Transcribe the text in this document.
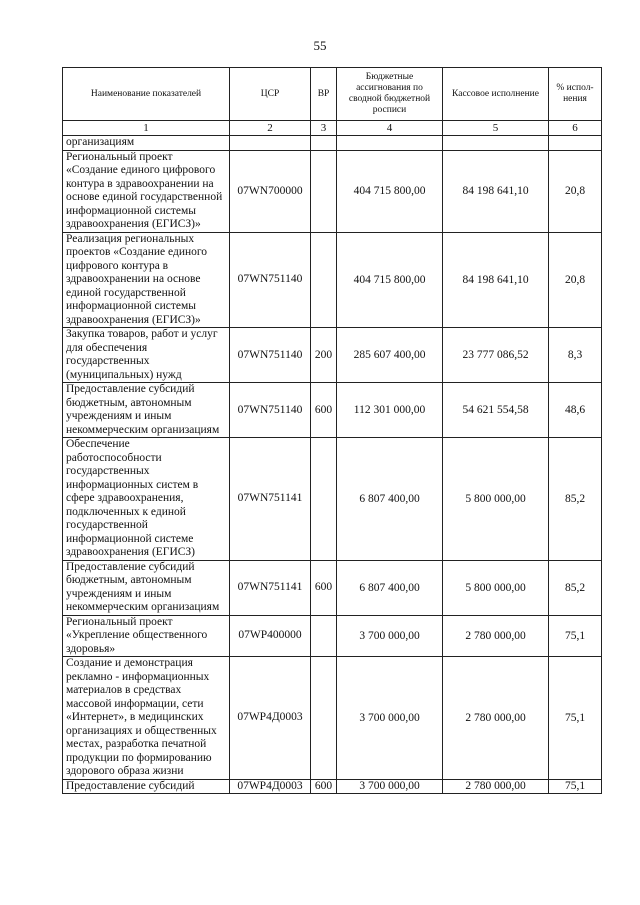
55
Наименование показателей	ЦСР	ВР	Бюджетные ассигнования по сводной бюджетной росписи	Кассовое исполнение	% испол-нения
1	2	3	4	5	6
организациям					
Региональный проект «Создание единого цифрового контура в здравоохранении на основе единой государственной информационной системы здравоохранения (ЕГИСЗ)»	07WN700000		404 715 800,00	84 198 641,10	20,8
Реализация региональных проектов «Создание единого цифрового контура в здравоохранении на основе единой государственной информационной системы здравоохранения (ЕГИСЗ)»	07WN751140		404 715 800,00	84 198 641,10	20,8
Закупка товаров, работ и услуг для обеспечения государственных (муниципальных) нужд	07WN751140	200	285 607 400,00	23 777 086,52	8,3
Предоставление субсидий бюджетным, автономным учреждениям и иным некоммерческим организациям	07WN751140	600	112 301 000,00	54 621 554,58	48,6
Обеспечение работоспособности государственных информационных систем в сфере здравоохранения, подключенных к единой государственной информационной системе здравоохранения (ЕГИСЗ)	07WN751141		6 807 400,00	5 800 000,00	85,2
Предоставление субсидий бюджетным, автономным учреждениям и иным некоммерческим организациям	07WN751141	600	6 807 400,00	5 800 000,00	85,2
Региональный проект «Укрепление общественного здоровья»	07WP400000		3 700 000,00	2 780 000,00	75,1
Создание и демонстрация рекламно - информационных материалов в средствах массовой информации, сети «Интернет», в медицинских организациях и общественных местах, разработка печатной продукции по формированию здорового образа жизни	07WP4Д0003		3 700 000,00	2 780 000,00	75,1
Предоставление субсидий	07WP4Д0003	600	3 700 000,00	2 780 000,00	75,1
